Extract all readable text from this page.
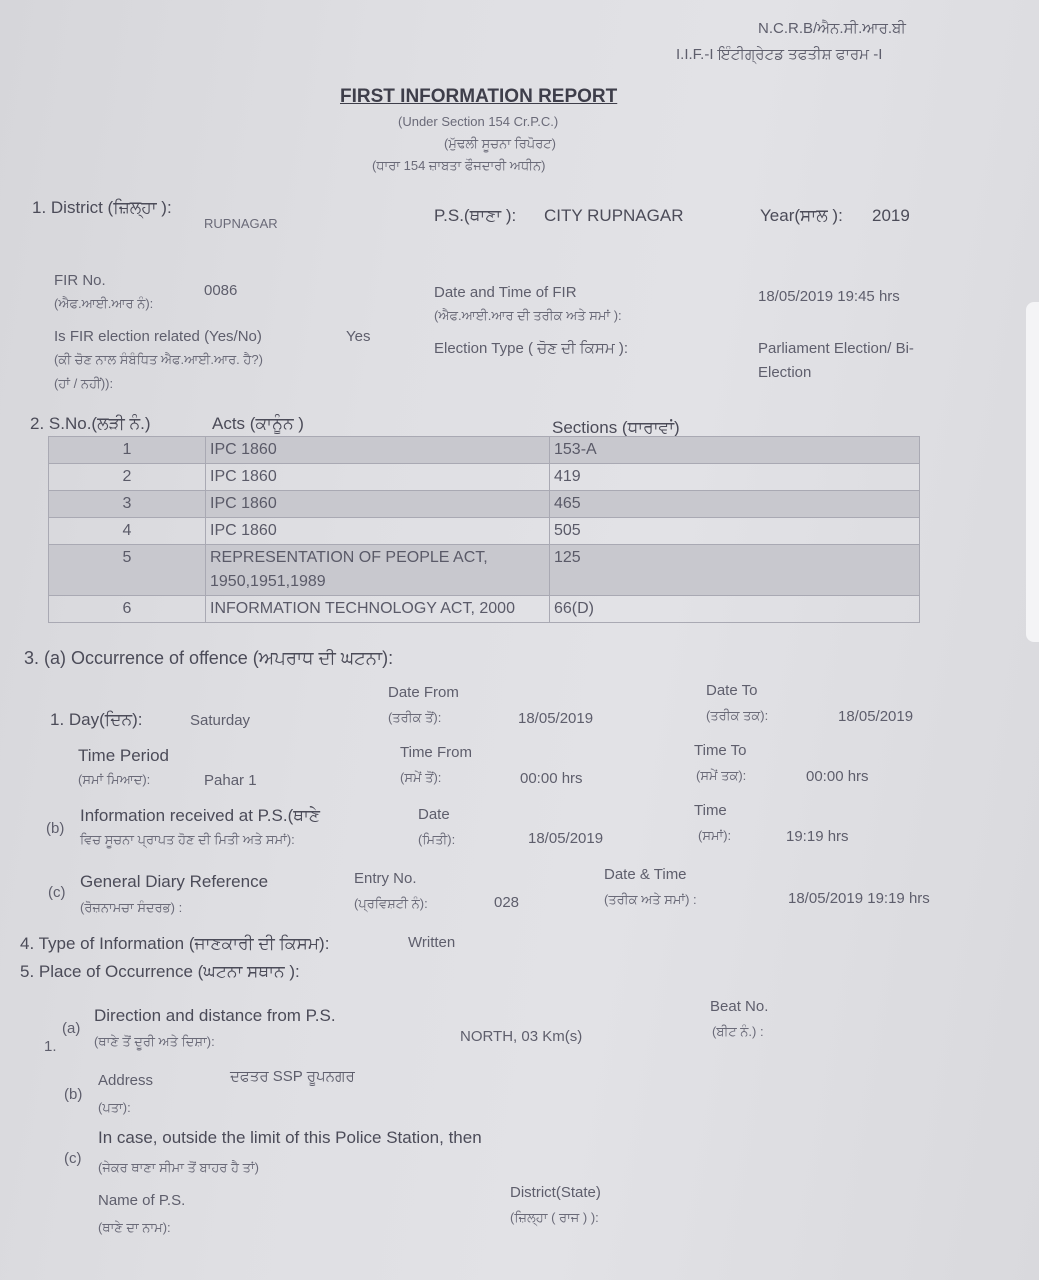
N.C.R.B/ਐਨ.ਸੀ.ਆਰ.ਬੀ
I.I.F.-I ਇੰਟੀਗ੍ਰੇਟਡ ਤਫਤੀਸ਼ ਫਾਰਮ -I
FIRST INFORMATION REPORT
(Under Section 154 Cr.P.C.)
(ਮੁੱਢਲੀ ਸੂਚਨਾ ਰਿਪੋਰਟ)
(ਧਾਰਾ 154 ਜ਼ਾਬਤਾ ਫੌਜਦਾਰੀ ਅਧੀਨ)
1. District (ਜ਼ਿਲ੍ਹਾ ):
RUPNAGAR	P.S.(ਥਾਣਾ ): CITY RUPNAGAR	Year(ਸਾਲ ): 2019
FIR No.
(ਐਫ.ਆਈ.ਆਰ ਨੰ):
0086	Date and Time of FIR
(ਐਫ.ਆਈ.ਆਰ ਦੀ ਤਰੀਕ ਅਤੇ ਸਮਾਂ ):
18/05/2019 19:45 hrs
Is FIR election related (Yes/No)
(ਕੀ ਚੋਣ ਨਾਲ ਸੰਬੰਧਿਤ ਐਫ.ਆਈ.ਆਰ. ਹੈ?)
(ਹਾਂ / ਨਹੀਂ)):
Yes
Election Type ( ਚੋਣ ਦੀ ਕਿਸਮ ):	Parliament Election/ Bi-
Election
2. S.No.(ਲੜੀ ਨੰ.)	Acts (ਕਾਨੂੰਨ )	Sections (ਧਾਰਾਵਾਂ)
1	IPC 1860	153-A
2	IPC 1860	419
3	IPC 1860	465
4	IPC 1860	505
5	REPRESENTATION OF PEOPLE ACT, 1950,1951,1989	125
6	INFORMATION TECHNOLOGY ACT, 2000	66(D)
3. (a) Occurrence of offence (ਅਪਰਾਧ ਦੀ ਘਟਨਾ):
1. Day(ਦਿਨ):	Saturday
Date From
(ਤਰੀਕ ਤੋਂ):	18/05/2019
Date To
(ਤਰੀਕ ਤਕ):	18/05/2019
Time Period
(ਸਮਾਂ ਮਿਆਦ):	Pahar 1
Time From
(ਸਮੇਂ ਤੋਂ):	00:00 hrs
Time To
(ਸਮੇਂ ਤਕ):	00:00 hrs
(b)
Information received at P.S.(ਥਾਣੇ
ਵਿਚ ਸੂਚਨਾ ਪ੍ਰਾਪਤ ਹੋਣ ਦੀ ਮਿਤੀ ਅਤੇ ਸਮਾਂ):
Date
(ਮਿਤੀ):	18/05/2019
Time
(ਸਮਾਂ):	19:19 hrs
(c)
General Diary Reference
(ਰੋਜ਼ਨਾਮਚਾ ਸੰਦਰਭ) :
Entry No.
(ਪ੍ਰਵਿਸ਼ਟੀ ਨੰ):	028
Date & Time
(ਤਰੀਕ ਅਤੇ ਸਮਾਂ) :	18/05/2019 19:19 hrs
4. Type of Information (ਜਾਣਕਾਰੀ ਦੀ ਕਿਸਮ):	Written
5. Place of Occurrence (ਘਟਨਾ ਸਥਾਨ ):
1.
(a)
Direction and distance from P.S.
(ਥਾਣੇ ਤੋਂ ਦੂਰੀ ਅਤੇ ਦਿਸ਼ਾ):	NORTH, 03 Km(s)
Beat No.
(ਬੀਟ ਨੰ.) :
(b)
Address
(ਪਤਾ):
ਦਫਤਰ SSP ਰੂਪਨਗਰ
(c)
In case, outside the limit of this Police Station, then
(ਜੇਕਰ ਥਾਣਾ ਸੀਮਾ ਤੋਂ ਬਾਹਰ ਹੈ ਤਾਂ)
Name of P.S.
(ਥਾਣੇ ਦਾ ਨਾਮ):
District(State)
(ਜ਼ਿਲ੍ਹਾ ( ਰਾਜ ) ):
